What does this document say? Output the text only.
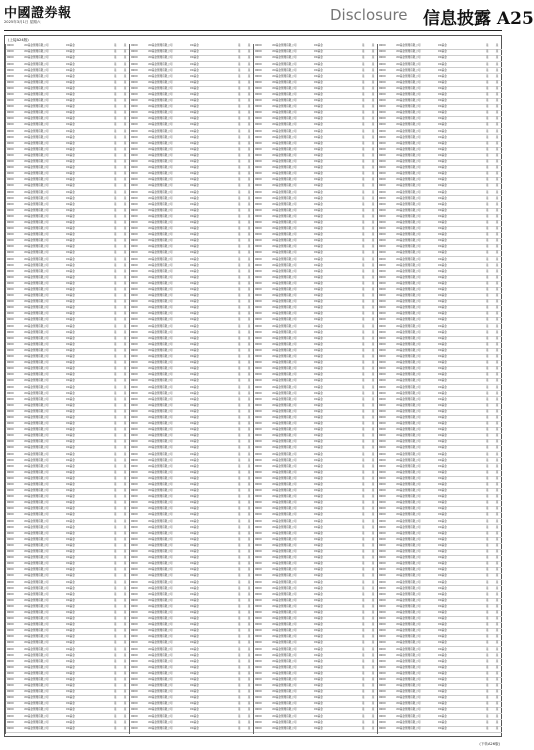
中國證券報
2025年3月1日 星期六	Disclosure 信息披露 A25
(上接A24版)
0000	XX基金管理有限公司	XX基金	是	是
0000	XX基金管理有限公司	XX基金	是	是
0000	XX基金管理有限公司	XX基金	是	是
0000	XX基金管理有限公司	XX基金	是	是
0000	XX基金管理有限公司	XX基金	是	是
0000	XX基金管理有限公司	XX基金	是	是
0000	XX基金管理有限公司	XX基金	是	是
0000	XX基金管理有限公司	XX基金	是	是
0000	XX基金管理有限公司	XX基金	是	是
0000	XX基金管理有限公司	XX基金	是	是
0000	XX基金管理有限公司	XX基金	是	是
0000	XX基金管理有限公司	XX基金	是	是
0000	XX基金管理有限公司	XX基金	是	是
0000	XX基金管理有限公司	XX基金	是	是
0000	XX基金管理有限公司	XX基金	是	是
0000	XX基金管理有限公司	XX基金	是	是
0000	XX基金管理有限公司	XX基金	是	是
0000	XX基金管理有限公司	XX基金	是	是
0000	XX基金管理有限公司	XX基金	是	是
0000	XX基金管理有限公司	XX基金	是	是
0000	XX基金管理有限公司	XX基金	是	是
0000	XX基金管理有限公司	XX基金	是	是
0000	XX基金管理有限公司	XX基金	是	是
0000	XX基金管理有限公司	XX基金	是	是
0000	XX基金管理有限公司	XX基金	是	是
0000	XX基金管理有限公司	XX基金	是	是
0000	XX基金管理有限公司	XX基金	是	是
0000	XX基金管理有限公司	XX基金	是	是
0000	XX基金管理有限公司	XX基金	是	是
0000	XX基金管理有限公司	XX基金	是	是
0000	XX基金管理有限公司	XX基金	是	是
0000	XX基金管理有限公司	XX基金	是	是
0000	XX基金管理有限公司	XX基金	是	是
0000	XX基金管理有限公司	XX基金	是	是
0000	XX基金管理有限公司	XX基金	是	是
0000	XX基金管理有限公司	XX基金	是	是
0000	XX基金管理有限公司	XX基金	是	是
0000	XX基金管理有限公司	XX基金	是	是
0000	XX基金管理有限公司	XX基金	是	是
0000	XX基金管理有限公司	XX基金	是	是
0000	XX基金管理有限公司	XX基金	是	是
0000	XX基金管理有限公司	XX基金	是	是
0000	XX基金管理有限公司	XX基金	是	是
0000	XX基金管理有限公司	XX基金	是	是
0000	XX基金管理有限公司	XX基金	是	是
0000	XX基金管理有限公司	XX基金	是	是
0000	XX基金管理有限公司	XX基金	是	是
0000	XX基金管理有限公司	XX基金	是	是
0000	XX基金管理有限公司	XX基金	是	是
0000	XX基金管理有限公司	XX基金	是	是
0000	XX基金管理有限公司	XX基金	是	是
0000	XX基金管理有限公司	XX基金	是	是
0000	XX基金管理有限公司	XX基金	是	是
0000	XX基金管理有限公司	XX基金	是	是
0000	XX基金管理有限公司	XX基金	是	是
0000	XX基金管理有限公司	XX基金	是	是
0000	XX基金管理有限公司	XX基金	是	是
0000	XX基金管理有限公司	XX基金	是	是
0000	XX基金管理有限公司	XX基金	是	是
0000	XX基金管理有限公司	XX基金	是	是
0000	XX基金管理有限公司	XX基金	是	是
0000	XX基金管理有限公司	XX基金	是	是
0000	XX基金管理有限公司	XX基金	是	是
0000	XX基金管理有限公司	XX基金	是	是
0000	XX基金管理有限公司	XX基金	是	是
0000	XX基金管理有限公司	XX基金	是	是
0000	XX基金管理有限公司	XX基金	是	是
0000	XX基金管理有限公司	XX基金	是	是
0000	XX基金管理有限公司	XX基金	是	是
0000	XX基金管理有限公司	XX基金	是	是
0000	XX基金管理有限公司	XX基金	是	是
0000	XX基金管理有限公司	XX基金	是	是
0000	XX基金管理有限公司	XX基金	是	是
0000	XX基金管理有限公司	XX基金	是	是
0000	XX基金管理有限公司	XX基金	是	是
0000	XX基金管理有限公司	XX基金	是	是
0000	XX基金管理有限公司	XX基金	是	是
0000	XX基金管理有限公司	XX基金	是	是
0000	XX基金管理有限公司	XX基金	是	是
0000	XX基金管理有限公司	XX基金	是	是
0000	XX基金管理有限公司	XX基金	是	是
0000	XX基金管理有限公司	XX基金	是	是
0000	XX基金管理有限公司	XX基金	是	是
0000	XX基金管理有限公司	XX基金	是	是
0000	XX基金管理有限公司	XX基金	是	是
0000	XX基金管理有限公司	XX基金	是	是
0000	XX基金管理有限公司	XX基金	是	是
0000	XX基金管理有限公司	XX基金	是	是
0000	XX基金管理有限公司	XX基金	是	是
0000	XX基金管理有限公司	XX基金	是	是
0000	XX基金管理有限公司	XX基金	是	是
0000	XX基金管理有限公司	XX基金	是	是
0000	XX基金管理有限公司	XX基金	是	是
0000	XX基金管理有限公司	XX基金	是	是
0000	XX基金管理有限公司	XX基金	是	是
0000	XX基金管理有限公司	XX基金	是	是
0000	XX基金管理有限公司	XX基金	是	是
0000	XX基金管理有限公司	XX基金	是	是
0000	XX基金管理有限公司	XX基金	是	是
0000	XX基金管理有限公司	XX基金	是	是
0000	XX基金管理有限公司	XX基金	是	是
0000	XX基金管理有限公司	XX基金	是	是
0000	XX基金管理有限公司	XX基金	是	是
0000	XX基金管理有限公司	XX基金	是	是
0000	XX基金管理有限公司	XX基金	是	是
0000	XX基金管理有限公司	XX基金	是	是
0000	XX基金管理有限公司	XX基金	是	是
0000	XX基金管理有限公司	XX基金	是	是
0000	XX基金管理有限公司	XX基金	是	是
0000	XX基金管理有限公司	XX基金	是	是
0000	XX基金管理有限公司	XX基金	是	是
0000	XX基金管理有限公司	XX基金	是	是
0000	XX基金管理有限公司	XX基金	是	是
0000	XX基金管理有限公司	XX基金	是	是
0000	XX基金管理有限公司	XX基金	是	是
0000	XX基金管理有限公司	XX基金	是	是
0000	XX基金管理有限公司	XX基金	是	是
0000	XX基金管理有限公司	XX基金	是	是
0000	XX基金管理有限公司	XX基金	是	是
0000	XX基金管理有限公司	XX基金	是	是
0000	XX基金管理有限公司	XX基金	是	是
0000	XX基金管理有限公司	XX基金	是	是
0000	XX基金管理有限公司	XX基金	是	是
0000	XX基金管理有限公司	XX基金	是	是
0000	XX基金管理有限公司	XX基金	是	是
0000	XX基金管理有限公司	XX基金	是	是
0000	XX基金管理有限公司	XX基金	是	是
0000	XX基金管理有限公司	XX基金	是	是
0000	XX基金管理有限公司	XX基金	是	是
0000	XX基金管理有限公司	XX基金	是	是
0000	XX基金管理有限公司	XX基金	是	是
0000	XX基金管理有限公司	XX基金	是	是
0000	XX基金管理有限公司	XX基金	是	是
0000	XX基金管理有限公司	XX基金	是	是
0000	XX基金管理有限公司	XX基金	是	是
0000	XX基金管理有限公司	XX基金	是	是
0000	XX基金管理有限公司	XX基金	是	是
0000	XX基金管理有限公司	XX基金	是	是
0000	XX基金管理有限公司	XX基金	是	是
0000	XX基金管理有限公司	XX基金	是	是
0000	XX基金管理有限公司	XX基金	是	是
0000	XX基金管理有限公司	XX基金	是	是
0000	XX基金管理有限公司	XX基金	是	是
0000	XX基金管理有限公司	XX基金	是	是
0000	XX基金管理有限公司	XX基金	是	是
0000	XX基金管理有限公司	XX基金	是	是
0000	XX基金管理有限公司	XX基金	是	是
0000	XX基金管理有限公司	XX基金	是	是
0000	XX基金管理有限公司	XX基金	是	是
0000	XX基金管理有限公司	XX基金	是	是
0000	XX基金管理有限公司	XX基金	是	是
0000	XX基金管理有限公司	XX基金	是	是
0000	XX基金管理有限公司	XX基金	是	是
0000	XX基金管理有限公司	XX基金	是	是
0000	XX基金管理有限公司	XX基金	是	是
0000	XX基金管理有限公司	XX基金	是	是
0000	XX基金管理有限公司	XX基金	是	是
0000	XX基金管理有限公司	XX基金	是	是
0000	XX基金管理有限公司	XX基金	是	是
0000	XX基金管理有限公司	XX基金	是	是
0000	XX基金管理有限公司	XX基金	是	是
0000	XX基金管理有限公司	XX基金	是	是
0000	XX基金管理有限公司	XX基金	是	是
0000	XX基金管理有限公司	XX基金	是	是
0000	XX基金管理有限公司	XX基金	是	是
0000	XX基金管理有限公司	XX基金	是	是
0000	XX基金管理有限公司	XX基金	是	是
0000	XX基金管理有限公司	XX基金	是	是
0000	XX基金管理有限公司	XX基金	是	是
0000	XX基金管理有限公司	XX基金	是	是
0000	XX基金管理有限公司	XX基金	是	是
0000	XX基金管理有限公司	XX基金	是	是
0000	XX基金管理有限公司	XX基金	是	是
0000	XX基金管理有限公司	XX基金	是	是
0000	XX基金管理有限公司	XX基金	是	是
0000	XX基金管理有限公司	XX基金	是	是
0000	XX基金管理有限公司	XX基金	是	是
0000	XX基金管理有限公司	XX基金	是	是
0000	XX基金管理有限公司	XX基金	是	是
0000	XX基金管理有限公司	XX基金	是	是
0000	XX基金管理有限公司	XX基金	是	是
0000	XX基金管理有限公司	XX基金	是	是
0000	XX基金管理有限公司	XX基金	是	是
0000	XX基金管理有限公司	XX基金	是	是
0000	XX基金管理有限公司	XX基金	是	是
0000	XX基金管理有限公司	XX基金	是	是
0000	XX基金管理有限公司	XX基金	是	是
0000	XX基金管理有限公司	XX基金	是	是
0000	XX基金管理有限公司	XX基金	是	是
0000	XX基金管理有限公司	XX基金	是	是
0000	XX基金管理有限公司	XX基金	是	是
0000	XX基金管理有限公司	XX基金	是	是
0000	XX基金管理有限公司	XX基金	是	是
0000	XX基金管理有限公司	XX基金	是	是
0000	XX基金管理有限公司	XX基金	是	是
0000	XX基金管理有限公司	XX基金	是	是
0000	XX基金管理有限公司	XX基金	是	是
0000	XX基金管理有限公司	XX基金	是	是
0000	XX基金管理有限公司	XX基金	是	是
0000	XX基金管理有限公司	XX基金	是	是
0000	XX基金管理有限公司	XX基金	是	是
0000	XX基金管理有限公司	XX基金	是	是
0000	XX基金管理有限公司	XX基金	是	是
0000	XX基金管理有限公司	XX基金	是	是
0000	XX基金管理有限公司	XX基金	是	是
0000	XX基金管理有限公司	XX基金	是	是
0000	XX基金管理有限公司	XX基金	是	是
0000	XX基金管理有限公司	XX基金	是	是
0000	XX基金管理有限公司	XX基金	是	是
0000	XX基金管理有限公司	XX基金	是	是
0000	XX基金管理有限公司	XX基金	是	是
0000	XX基金管理有限公司	XX基金	是	是
0000	XX基金管理有限公司	XX基金	是	是
0000	XX基金管理有限公司	XX基金	是	是
0000	XX基金管理有限公司	XX基金	是	是
0000	XX基金管理有限公司	XX基金	是	是
0000	XX基金管理有限公司	XX基金	是	是
0000	XX基金管理有限公司	XX基金	是	是
0000	XX基金管理有限公司	XX基金	是	是
0000	XX基金管理有限公司	XX基金	是	是
0000	XX基金管理有限公司	XX基金	是	是
0000	XX基金管理有限公司	XX基金	是	是
0000	XX基金管理有限公司	XX基金	是	是
0000	XX基金管理有限公司	XX基金	是	是
0000	XX基金管理有限公司	XX基金	是	是
0000	XX基金管理有限公司	XX基金	是	是
0000	XX基金管理有限公司	XX基金	是	是
0000	XX基金管理有限公司	XX基金	是	是
0000	XX基金管理有限公司	XX基金	是	是
0000	XX基金管理有限公司	XX基金	是	是
0000	XX基金管理有限公司	XX基金	是	是
0000	XX基金管理有限公司	XX基金	是	是
0000	XX基金管理有限公司	XX基金	是	是
0000	XX基金管理有限公司	XX基金	是	是
0000	XX基金管理有限公司	XX基金	是	是
0000	XX基金管理有限公司	XX基金	是	是
0000	XX基金管理有限公司	XX基金	是	是
0000	XX基金管理有限公司	XX基金	是	是
0000	XX基金管理有限公司	XX基金	是	是
0000	XX基金管理有限公司	XX基金	是	是
0000	XX基金管理有限公司	XX基金	是	是
0000	XX基金管理有限公司	XX基金	是	是
0000	XX基金管理有限公司	XX基金	是	是
0000	XX基金管理有限公司	XX基金	是	是
0000	XX基金管理有限公司	XX基金	是	是
0000	XX基金管理有限公司	XX基金	是	是
0000	XX基金管理有限公司	XX基金	是	是
0000	XX基金管理有限公司	XX基金	是	是
0000	XX基金管理有限公司	XX基金	是	是
0000	XX基金管理有限公司	XX基金	是	是
0000	XX基金管理有限公司	XX基金	是	是
0000	XX基金管理有限公司	XX基金	是	是
0000	XX基金管理有限公司	XX基金	是	是
0000	XX基金管理有限公司	XX基金	是	是
0000	XX基金管理有限公司	XX基金	是	是
0000	XX基金管理有限公司	XX基金	是	是
0000	XX基金管理有限公司	XX基金	是	是
0000	XX基金管理有限公司	XX基金	是	是
0000	XX基金管理有限公司	XX基金	是	是
0000	XX基金管理有限公司	XX基金	是	是
0000	XX基金管理有限公司	XX基金	是	是
0000	XX基金管理有限公司	XX基金	是	是
0000	XX基金管理有限公司	XX基金	是	是
0000	XX基金管理有限公司	XX基金	是	是
0000	XX基金管理有限公司	XX基金	是	是
0000	XX基金管理有限公司	XX基金	是	是
0000	XX基金管理有限公司	XX基金	是	是
0000	XX基金管理有限公司	XX基金	是	是
0000	XX基金管理有限公司	XX基金	是	是
0000	XX基金管理有限公司	XX基金	是	是
0000	XX基金管理有限公司	XX基金	是	是
0000	XX基金管理有限公司	XX基金	是	是
0000	XX基金管理有限公司	XX基金	是	是
0000	XX基金管理有限公司	XX基金	是	是
0000	XX基金管理有限公司	XX基金	是	是
0000	XX基金管理有限公司	XX基金	是	是
0000	XX基金管理有限公司	XX基金	是	是
0000	XX基金管理有限公司	XX基金	是	是
0000	XX基金管理有限公司	XX基金	是	是
0000	XX基金管理有限公司	XX基金	是	是
0000	XX基金管理有限公司	XX基金	是	是
0000	XX基金管理有限公司	XX基金	是	是
0000	XX基金管理有限公司	XX基金	是	是
0000	XX基金管理有限公司	XX基金	是	是
0000	XX基金管理有限公司	XX基金	是	是
0000	XX基金管理有限公司	XX基金	是	是
0000	XX基金管理有限公司	XX基金	是	是
0000	XX基金管理有限公司	XX基金	是	是
0000	XX基金管理有限公司	XX基金	是	是
0000	XX基金管理有限公司	XX基金	是	是
0000	XX基金管理有限公司	XX基金	是	是
0000	XX基金管理有限公司	XX基金	是	是
0000	XX基金管理有限公司	XX基金	是	是
0000	XX基金管理有限公司	XX基金	是	是
0000	XX基金管理有限公司	XX基金	是	是
0000	XX基金管理有限公司	XX基金	是	是
0000	XX基金管理有限公司	XX基金	是	是
0000	XX基金管理有限公司	XX基金	是	是
0000	XX基金管理有限公司	XX基金	是	是
0000	XX基金管理有限公司	XX基金	是	是
0000	XX基金管理有限公司	XX基金	是	是
0000	XX基金管理有限公司	XX基金	是	是
0000	XX基金管理有限公司	XX基金	是	是
0000	XX基金管理有限公司	XX基金	是	是
0000	XX基金管理有限公司	XX基金	是	是
0000	XX基金管理有限公司	XX基金	是	是
0000	XX基金管理有限公司	XX基金	是	是
0000	XX基金管理有限公司	XX基金	是	是
0000	XX基金管理有限公司	XX基金	是	是
0000	XX基金管理有限公司	XX基金	是	是
0000	XX基金管理有限公司	XX基金	是	是
0000	XX基金管理有限公司	XX基金	是	是
0000	XX基金管理有限公司	XX基金	是	是
0000	XX基金管理有限公司	XX基金	是	是
0000	XX基金管理有限公司	XX基金	是	是
0000	XX基金管理有限公司	XX基金	是	是
0000	XX基金管理有限公司	XX基金	是	是
0000	XX基金管理有限公司	XX基金	是	是
0000	XX基金管理有限公司	XX基金	是	是
0000	XX基金管理有限公司	XX基金	是	是
0000	XX基金管理有限公司	XX基金	是	是
0000	XX基金管理有限公司	XX基金	是	是
0000	XX基金管理有限公司	XX基金	是	是
0000	XX基金管理有限公司	XX基金	是	是
0000	XX基金管理有限公司	XX基金	是	是
0000	XX基金管理有限公司	XX基金	是	是
0000	XX基金管理有限公司	XX基金	是	是
0000	XX基金管理有限公司	XX基金	是	是
0000	XX基金管理有限公司	XX基金	是	是
0000	XX基金管理有限公司	XX基金	是	是
0000	XX基金管理有限公司	XX基金	是	是
0000	XX基金管理有限公司	XX基金	是	是
0000	XX基金管理有限公司	XX基金	是	是
0000	XX基金管理有限公司	XX基金	是	是
0000	XX基金管理有限公司	XX基金	是	是
0000	XX基金管理有限公司	XX基金	是	是
0000	XX基金管理有限公司	XX基金	是	是
0000	XX基金管理有限公司	XX基金	是	是
0000	XX基金管理有限公司	XX基金	是	是
0000	XX基金管理有限公司	XX基金	是	是
0000	XX基金管理有限公司	XX基金	是	是
0000	XX基金管理有限公司	XX基金	是	是
0000	XX基金管理有限公司	XX基金	是	是
0000	XX基金管理有限公司	XX基金	是	是
0000	XX基金管理有限公司	XX基金	是	是
0000	XX基金管理有限公司	XX基金	是	是
0000	XX基金管理有限公司	XX基金	是	是
0000	XX基金管理有限公司	XX基金	是	是
0000	XX基金管理有限公司	XX基金	是	是
0000	XX基金管理有限公司	XX基金	是	是
0000	XX基金管理有限公司	XX基金	是	是
0000	XX基金管理有限公司	XX基金	是	是
0000	XX基金管理有限公司	XX基金	是	是
0000	XX基金管理有限公司	XX基金	是	是
0000	XX基金管理有限公司	XX基金	是	是
0000	XX基金管理有限公司	XX基金	是	是
0000	XX基金管理有限公司	XX基金	是	是
0000	XX基金管理有限公司	XX基金	是	是
0000	XX基金管理有限公司	XX基金	是	是
0000	XX基金管理有限公司	XX基金	是	是
0000	XX基金管理有限公司	XX基金	是	是
0000	XX基金管理有限公司	XX基金	是	是
0000	XX基金管理有限公司	XX基金	是	是
0000	XX基金管理有限公司	XX基金	是	是
0000	XX基金管理有限公司	XX基金	是	是
0000	XX基金管理有限公司	XX基金	是	是
0000	XX基金管理有限公司	XX基金	是	是
0000	XX基金管理有限公司	XX基金	是	是
0000	XX基金管理有限公司	XX基金	是	是
0000	XX基金管理有限公司	XX基金	是	是
0000	XX基金管理有限公司	XX基金	是	是
0000	XX基金管理有限公司	XX基金	是	是
0000	XX基金管理有限公司	XX基金	是	是
0000	XX基金管理有限公司	XX基金	是	是
0000	XX基金管理有限公司	XX基金	是	是
0000	XX基金管理有限公司	XX基金	是	是
0000	XX基金管理有限公司	XX基金	是	是
0000	XX基金管理有限公司	XX基金	是	是
0000	XX基金管理有限公司	XX基金	是	是
0000	XX基金管理有限公司	XX基金	是	是
0000	XX基金管理有限公司	XX基金	是	是
0000	XX基金管理有限公司	XX基金	是	是
0000	XX基金管理有限公司	XX基金	是	是
0000	XX基金管理有限公司	XX基金	是	是
0000	XX基金管理有限公司	XX基金	是	是
0000	XX基金管理有限公司	XX基金	是	是
0000	XX基金管理有限公司	XX基金	是	是
0000	XX基金管理有限公司	XX基金	是	是
0000	XX基金管理有限公司	XX基金	是	是
0000	XX基金管理有限公司	XX基金	是	是
0000	XX基金管理有限公司	XX基金	是	是
0000	XX基金管理有限公司	XX基金	是	是
0000	XX基金管理有限公司	XX基金	是	是
0000	XX基金管理有限公司	XX基金	是	是
0000	XX基金管理有限公司	XX基金	是	是
0000	XX基金管理有限公司	XX基金	是	是
0000	XX基金管理有限公司	XX基金	是	是
0000	XX基金管理有限公司	XX基金	是	是
0000	XX基金管理有限公司	XX基金	是	是
0000	XX基金管理有限公司	XX基金	是	是
0000	XX基金管理有限公司	XX基金	是	是
0000	XX基金管理有限公司	XX基金	是	是
0000	XX基金管理有限公司	XX基金	是	是
0000	XX基金管理有限公司	XX基金	是	是
0000	XX基金管理有限公司	XX基金	是	是
0000	XX基金管理有限公司	XX基金	是	是
0000	XX基金管理有限公司	XX基金	是	是
0000	XX基金管理有限公司	XX基金	是	是
0000	XX基金管理有限公司	XX基金	是	是
0000	XX基金管理有限公司	XX基金	是	是
0000	XX基金管理有限公司	XX基金	是	是
0000	XX基金管理有限公司	XX基金	是	是
0000	XX基金管理有限公司	XX基金	是	是
0000	XX基金管理有限公司	XX基金	是	是
0000	XX基金管理有限公司	XX基金	是	是
0000	XX基金管理有限公司	XX基金	是	是
0000	XX基金管理有限公司	XX基金	是	是
0000	XX基金管理有限公司	XX基金	是	是
0000	XX基金管理有限公司	XX基金	是	是
0000	XX基金管理有限公司	XX基金	是	是
0000	XX基金管理有限公司	XX基金	是	是
0000	XX基金管理有限公司	XX基金	是	是
0000	XX基金管理有限公司	XX基金	是	是
0000	XX基金管理有限公司	XX基金	是	是
0000	XX基金管理有限公司	XX基金	是	是
0000	XX基金管理有限公司	XX基金	是	是
0000	XX基金管理有限公司	XX基金	是	是
0000	XX基金管理有限公司	XX基金	是	是
0000	XX基金管理有限公司	XX基金	是	是
0000	XX基金管理有限公司	XX基金	是	是
0000	XX基金管理有限公司	XX基金	是	是
0000	XX基金管理有限公司	XX基金	是	是
0000	XX基金管理有限公司	XX基金	是	是
0000	XX基金管理有限公司	XX基金	是	是
0000	XX基金管理有限公司	XX基金	是	是
0000	XX基金管理有限公司	XX基金	是	是
0000	XX基金管理有限公司	XX基金	是	是
0000	XX基金管理有限公司	XX基金	是	是
0000	XX基金管理有限公司	XX基金	是	是
0000	XX基金管理有限公司	XX基金	是	是
0000	XX基金管理有限公司	XX基金	是	是
0000	XX基金管理有限公司	XX基金	是	是
0000	XX基金管理有限公司	XX基金	是	是
0000	XX基金管理有限公司	XX基金	是	是
0000	XX基金管理有限公司	XX基金	是	是
0000	XX基金管理有限公司	XX基金	是	是
0000	XX基金管理有限公司	XX基金	是	是
0000	XX基金管理有限公司	XX基金	是	是
0000	XX基金管理有限公司	XX基金	是	是
0000	XX基金管理有限公司	XX基金	是	是
0000	XX基金管理有限公司	XX基金	是	是
0000	XX基金管理有限公司	XX基金	是	是
(下转A26版)
